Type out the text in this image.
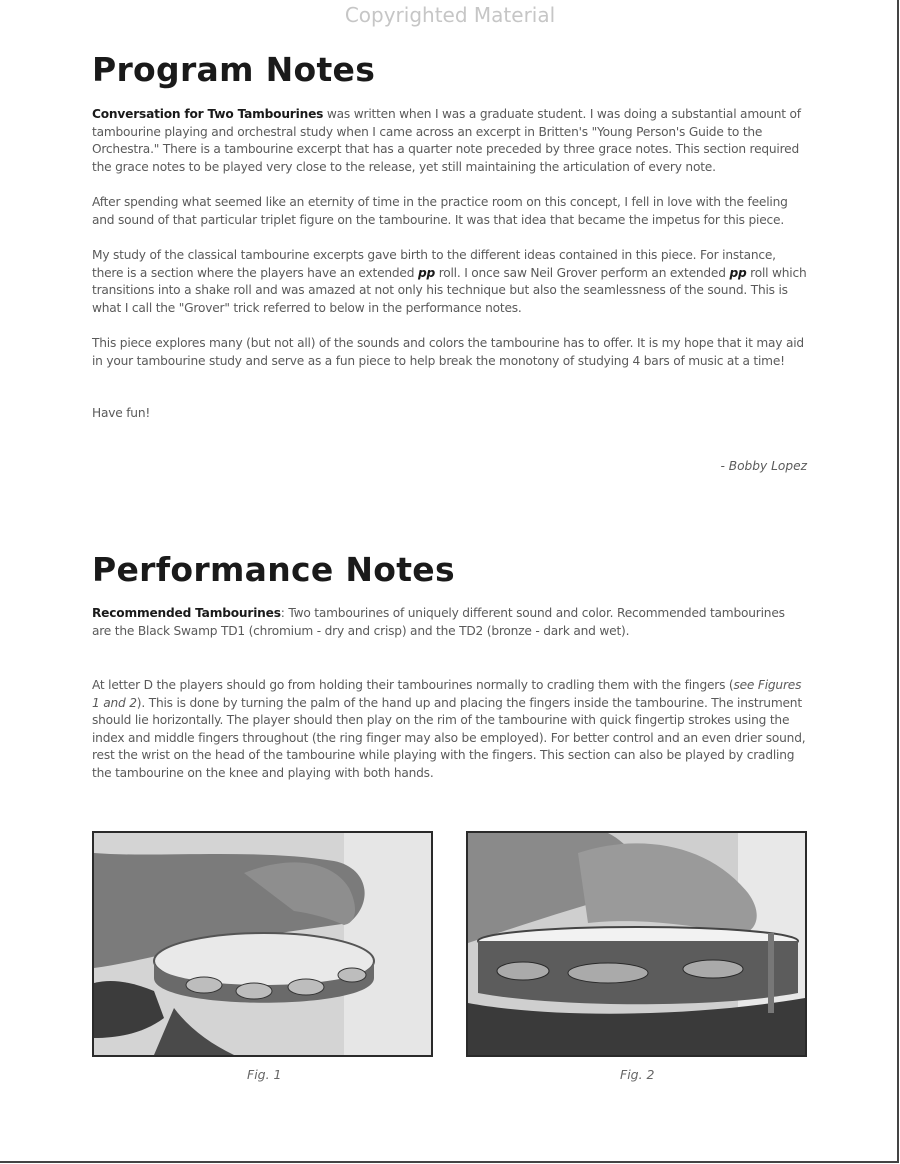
Copyrighted Material
Program Notes

Conversation for Two Tambourines was written when I was a graduate student. I was doing a substantial amount of tambourine playing and orchestral study when I came across an excerpt in Britten's "Young Person's Guide to the Orchestra." There is a tambourine excerpt that has a quarter note preceded by three grace notes. This section required the grace notes to be played very close to the release, yet still maintaining the articulation of every note.

After spending what seemed like an eternity of time in the practice room on this concept, I fell in love with the feeling and sound of that particular triplet figure on the tambourine. It was that idea that became the impetus for this piece.

My study of the classical tambourine excerpts gave birth to the different ideas contained in this piece. For instance, there is a section where the players have an extended pp roll. I once saw Neil Grover perform an extended pp roll which transitions into a shake roll and was amazed at not only his technique but also the seamlessness of the sound. This is what I call the "Grover" trick referred to below in the performance notes.

This piece explores many (but not all) of the sounds and colors the tambourine has to offer. It is my hope that it may aid in your tambourine study and serve as a fun piece to help break the monotony of studying 4 bars of music at a time!

Have fun!

- Bobby Lopez
Performance Notes

Recommended Tambourines: Two tambourines of uniquely different sound and color. Recommended tambourines are the Black Swamp TD1 (chromium - dry and crisp) and the TD2 (bronze - dark and wet).

At letter D the players should go from holding their tambourines normally to cradling them with the fingers (see Figures 1 and 2). This is done by turning the palm of the hand up and placing the fingers inside the tambourine. The instrument should lie horizontally. The player should then play on the rim of the tambourine with quick fingertip strokes using the index and middle fingers throughout (the ring finger may also be employed). For better control and an even drier sound, rest the wrist on the head of the tambourine while playing with the fingers. This section can also be played by cradling the tambourine on the knee and playing with both hands.

Fig. 1	Fig. 2
